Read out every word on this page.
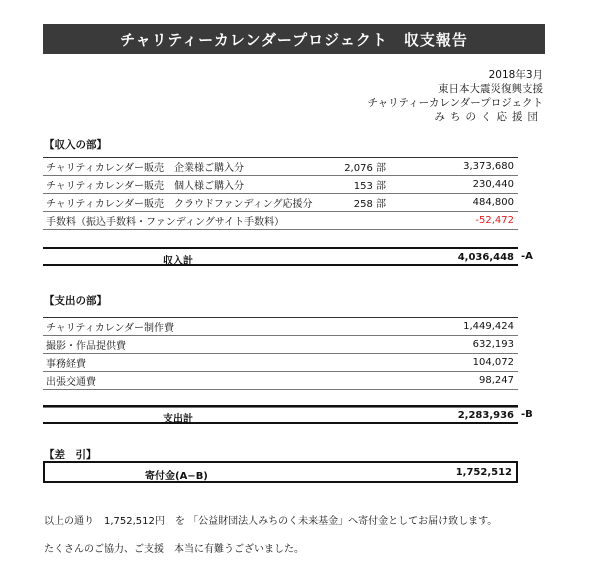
チャリティーカレンダープロジェクト　収支報告
2018年3月
東日本大震災復興支援
チャリティーカレンダープロジェクト
みちのく応援団
【収入の部】
チャリティカレンダー販売　企業様ご購入分	2,076 部	3,373,680
チャリティカレンダー販売　個人様ご購入分	153 部	230,440
チャリティカレンダー販売　クラウドファンディング応援分	258 部	484,800
手数料（振込手数料・ファンディングサイト手数料）	-52,472
収入計	4,036,448 -A
【支出の部】
チャリティカレンダー制作費	1,449,424
撮影・作品提供費	632,193
事務経費	104,072
出張交通費	98,247
支出計	2,283,936 -B
【差　引】
寄付金(A−B)	1,752,512
以上の通り　1,752,512円　を 「公益財団法人みちのく未来基金」へ寄付金としてお届け致します。
たくさんのご協力、ご支援　本当に有難うございました。
